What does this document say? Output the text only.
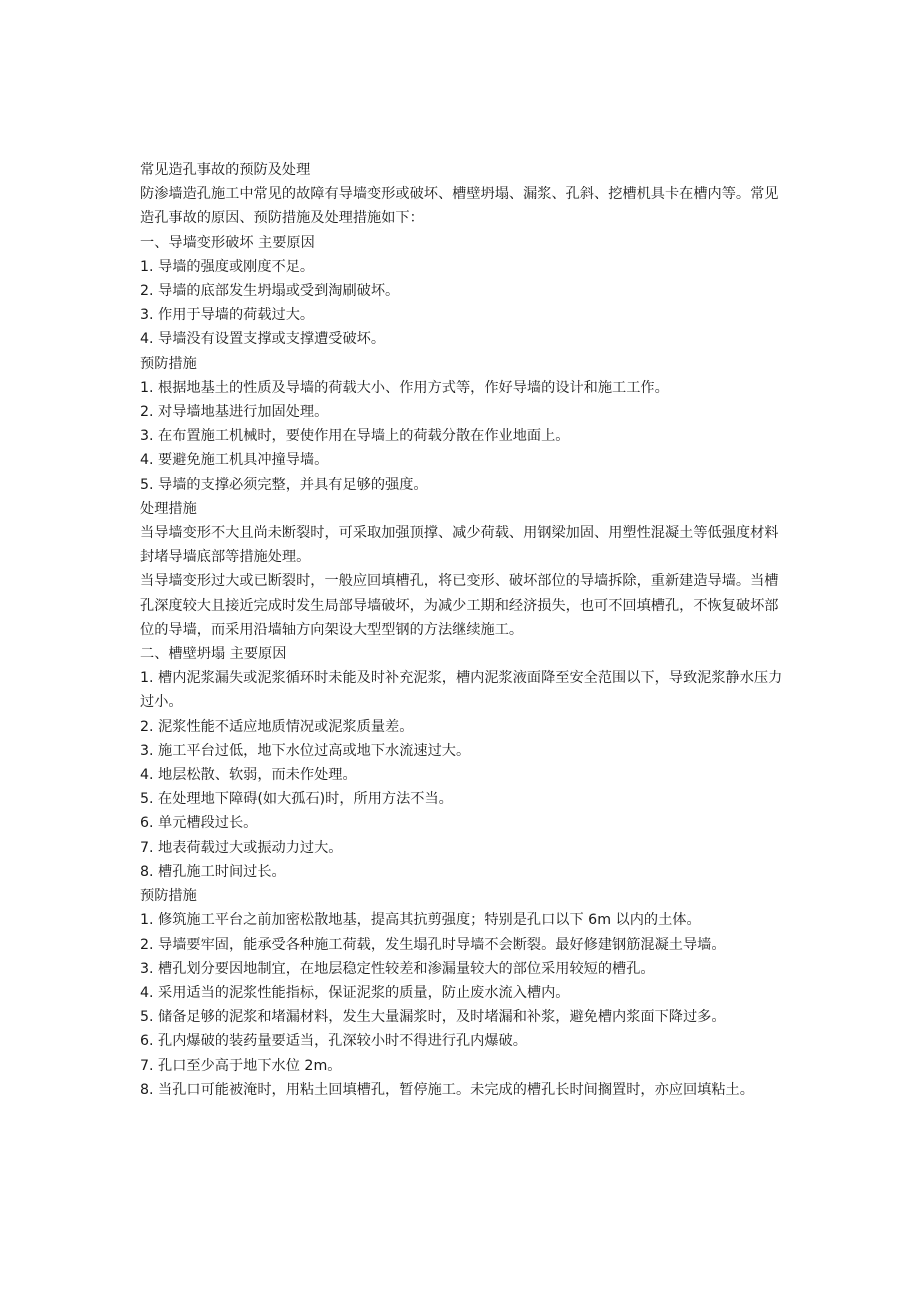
常见造孔事故的预防及处理

防渗墙造孔施工中常见的故障有导墙变形或破坏、槽壁坍塌、漏浆、孔斜、挖槽机具卡在槽内等。常见造孔事故的原因、预防措施及处理措施如下：

一、导墙变形破坏 主要原因

1. 导墙的强度或刚度不足。

2. 导墙的底部发生坍塌或受到淘刷破坏。

3. 作用于导墙的荷载过大。

4. 导墙没有设置支撑或支撑遭受破坏。

预防措施

1. 根据地基土的性质及导墙的荷载大小、作用方式等，作好导墙的设计和施工工作。

2. 对导墙地基进行加固处理。

3. 在布置施工机械时，要使作用在导墙上的荷载分散在作业地面上。

4. 要避免施工机具冲撞导墙。

5. 导墙的支撑必须完整，并具有足够的强度。

处理措施

当导墙变形不大且尚未断裂时，可采取加强顶撑、减少荷载、用钢梁加固、用塑性混凝土等低强度材料封堵导墙底部等措施处理。

当导墙变形过大或已断裂时，一般应回填槽孔，将已变形、破坏部位的导墙拆除，重新建造导墙。当槽孔深度较大且接近完成时发生局部导墙破坏，为减少工期和经济损失，也可不回填槽孔，不恢复破坏部位的导墙，而采用沿墙轴方向架设大型型钢的方法继续施工。

二、槽壁坍塌 主要原因

1. 槽内泥浆漏失或泥浆循环时未能及时补充泥浆，槽内泥浆液面降至安全范围以下，导致泥浆静水压力过小。

2. 泥浆性能不适应地质情况或泥浆质量差。

3. 施工平台过低，地下水位过高或地下水流速过大。

4. 地层松散、软弱，而未作处理。

5. 在处理地下障碍(如大孤石)时，所用方法不当。

6. 单元槽段过长。

7. 地表荷载过大或振动力过大。

8. 槽孔施工时间过长。

预防措施

1. 修筑施工平台之前加密松散地基，提高其抗剪强度；特别是孔口以下 6m 以内的土体。

2. 导墙要牢固，能承受各种施工荷载，发生塌孔时导墙不会断裂。最好修建钢筋混凝土导墙。

3. 槽孔划分要因地制宜，在地层稳定性较差和渗漏量较大的部位采用较短的槽孔。

4. 采用适当的泥浆性能指标，保证泥浆的质量，防止废水流入槽内。

5. 储备足够的泥浆和堵漏材料，发生大量漏浆时，及时堵漏和补浆，避免槽内浆面下降过多。

6. 孔内爆破的装药量要适当，孔深较小时不得进行孔内爆破。

7. 孔口至少高于地下水位 2m。

8. 当孔口可能被淹时，用粘土回填槽孔，暂停施工。未完成的槽孔长时间搁置时，亦应回填粘土。
